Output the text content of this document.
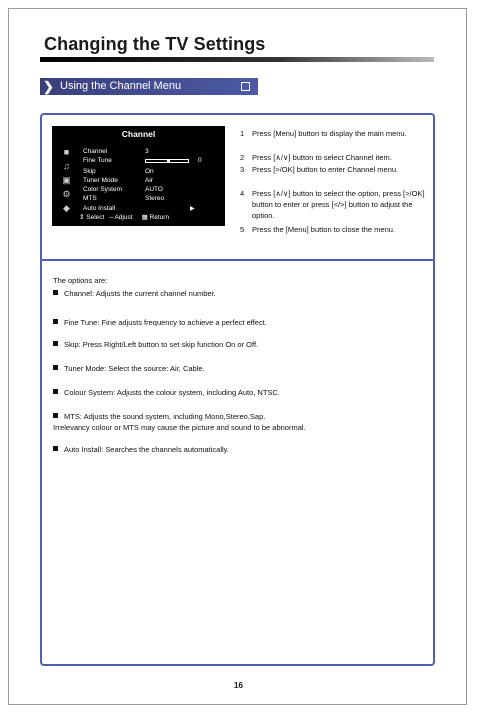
Changing the TV Settings
❯ Using the Channel Menu
Channel
■
♫
▣
⚙
◆
Channel	3
Fine Tune	0
Skip	On
Tuner Mode	Air
Color System	AUTO
MTS	Stereo
Auto Install	▶
⇕ Select ⇔Adjust ▦ Return
1	Press [Menu] button to display the main menu.
2	Press [∧/∨] button to select Channel item.
3	Press [>/OK] button to enter Channel menu.
4	Press [∧/∨] button to select the option, press [>/OK] button to enter or press [</>] button to adjust the option.
5	Press the [Menu] button to close the menu.
The options are:
Channel: Adjusts the current channel number.
Fine Tune: Fine adjusts frequency to achieve a perfect effect.
Skip: Press Right/Left button to set skip function On or Off.
Tuner Mode: Select the source: Air, Cable.
Colour System: Adjusts the colour system, including Auto, NTSC.
MTS: Adjusts the sound system, including Mono,Stereo,Sap.
Irrelevancy colour or MTS may cause the picture and sound to be abnormal.
Auto Install: Searches the channels automatically.
16
